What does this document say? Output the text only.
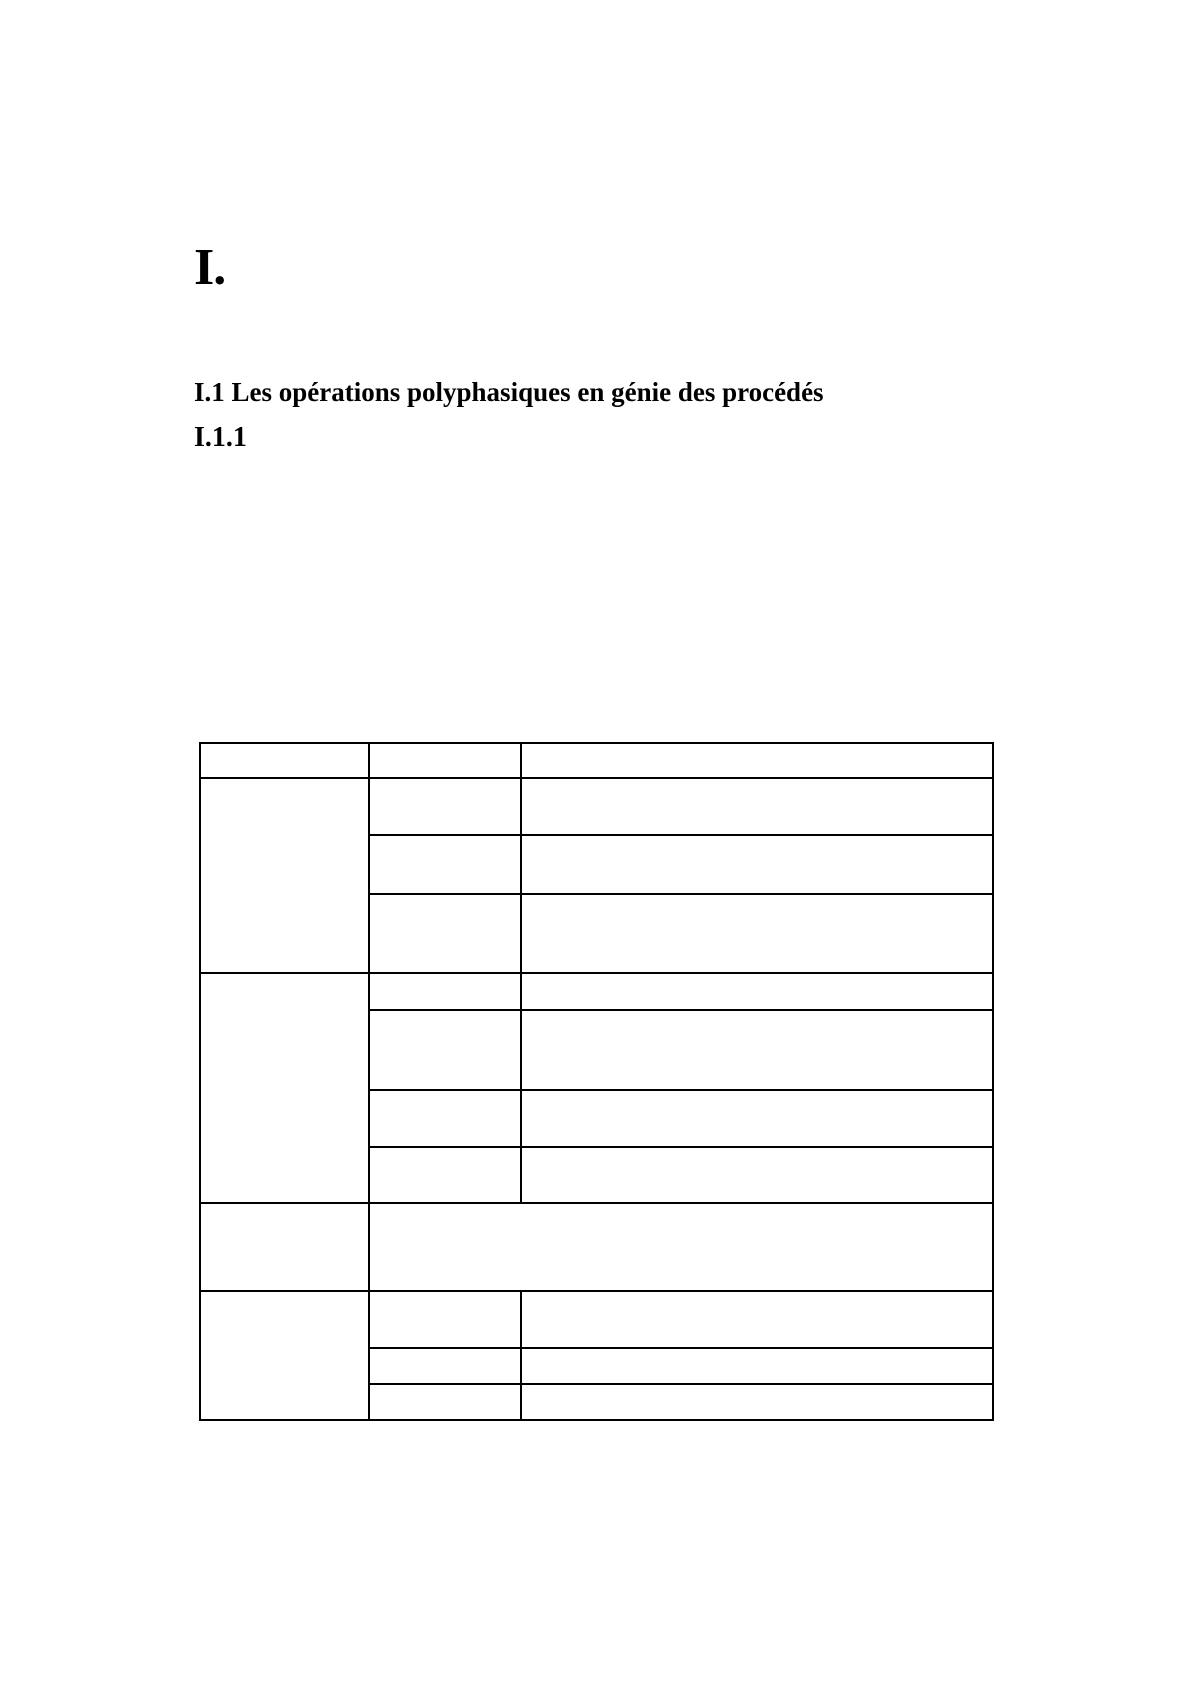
I.
I.1 Les opérations polyphasiques en génie des procédés
I.1.1
